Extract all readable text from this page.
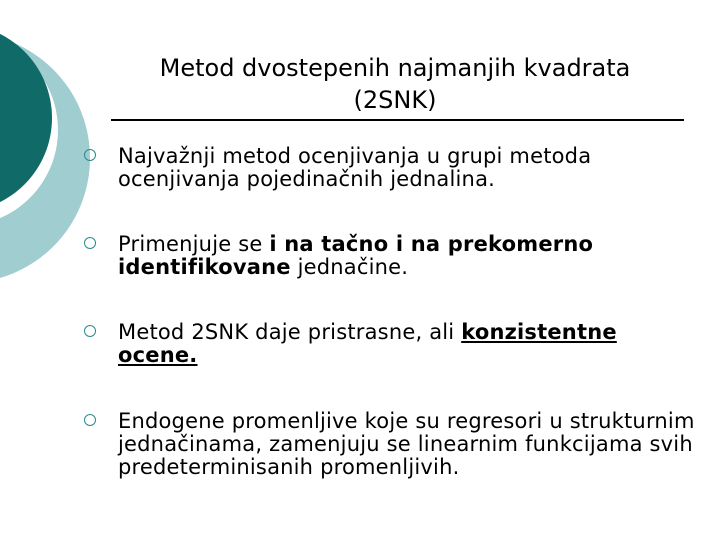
Metod dvostepenih najmanjih kvadrata
(2SNK)
Najvažnji metod ocenjivanja u grupi metoda ocenjivanja pojedinačnih jednalina.
Primenjuje se i na tačno i na prekomerno identifikovane jednačine.
Metod 2SNK daje pristrasne, ali konzistentne ocene.
Endogene promenljive koje su regresori u strukturnim jednačinama, zamenjuju se linearnim funkcijama svih predeterminisanih promenljivih.
